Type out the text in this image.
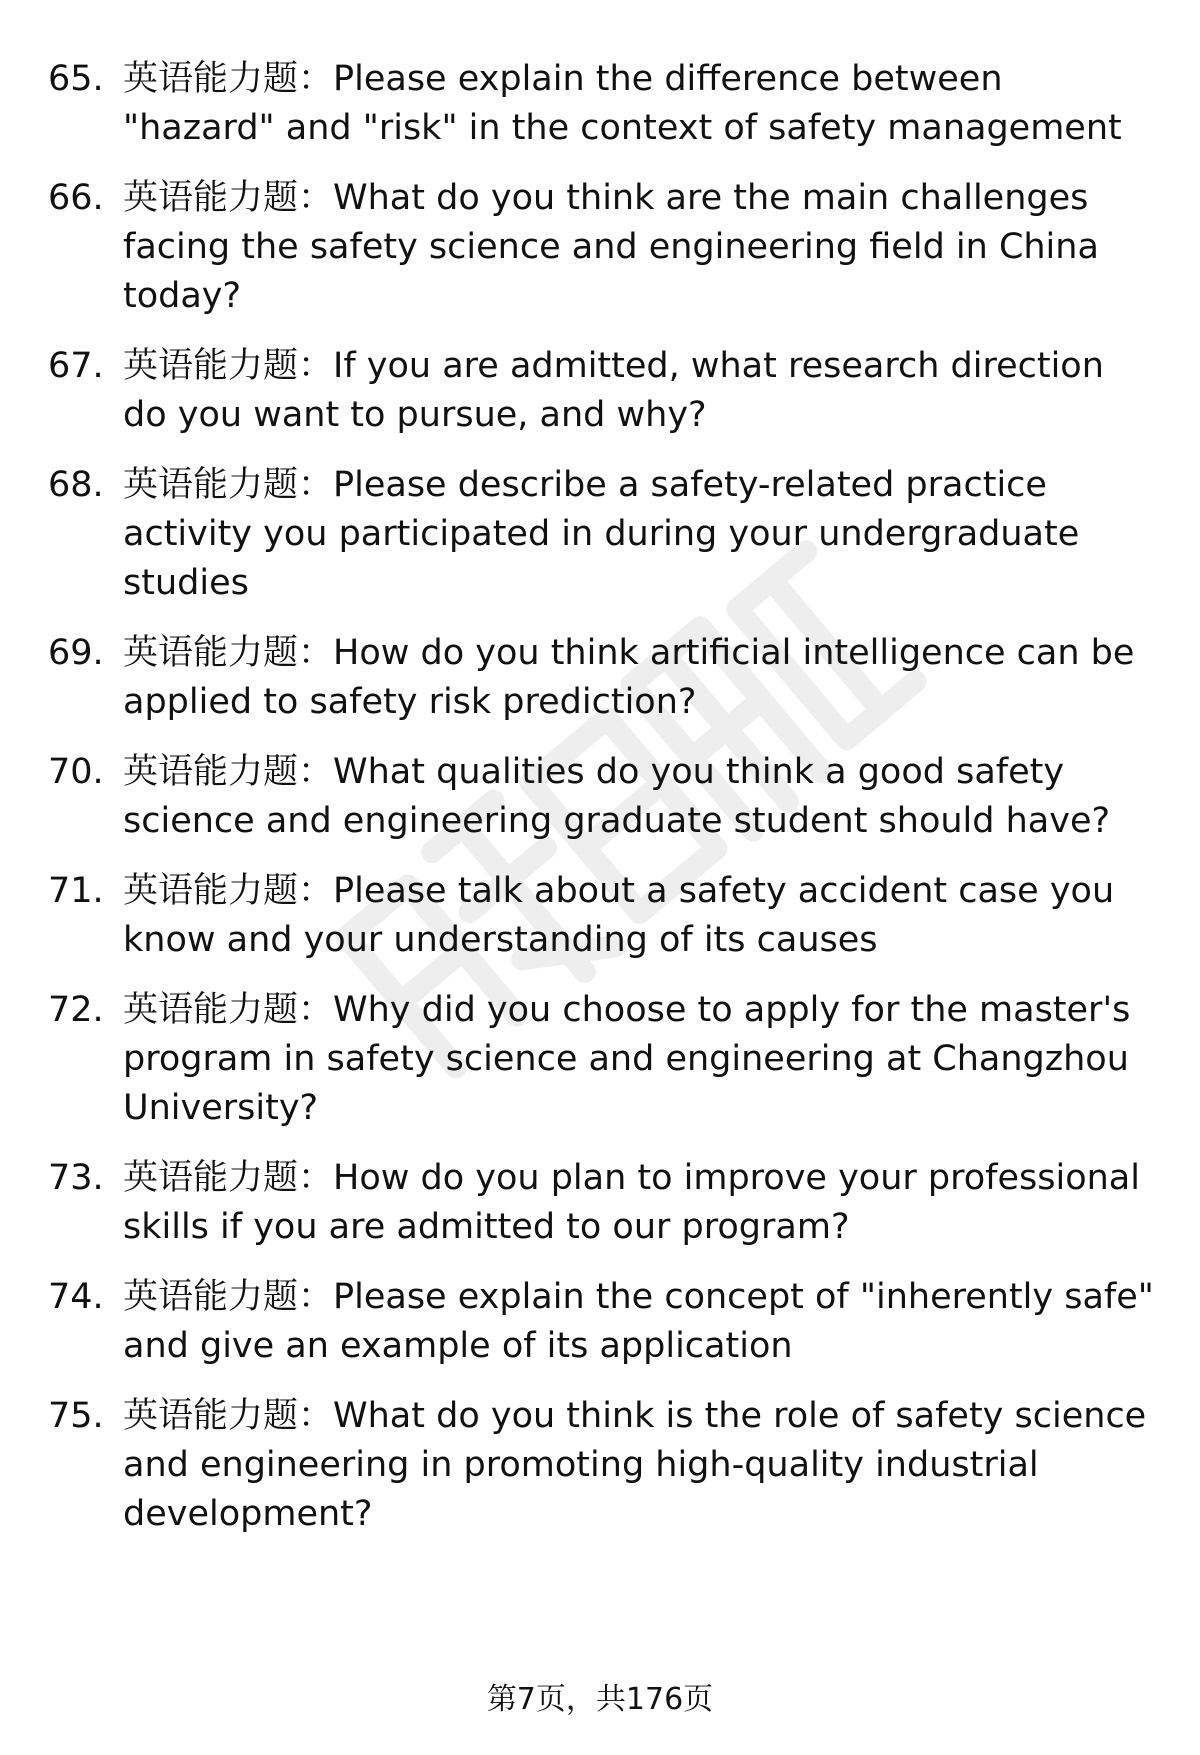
65. 英语能力题：Please explain the difference between "hazard" and "risk" in the context of safety management
66. 英语能力题：What do you think are the main challenges facing the safety science and engineering field in China today?
67. 英语能力题：If you are admitted, what research direction do you want to pursue, and why?
68. 英语能力题：Please describe a safety-related practice activity you participated in during your undergraduate studies
69. 英语能力题：How do you think artificial intelligence can be applied to safety risk prediction?
70. 英语能力题：What qualities do you think a good safety science and engineering graduate student should have?
71. 英语能力题：Please talk about a safety accident case you know and your understanding of its causes
72. 英语能力题：Why did you choose to apply for the master's program in safety science and engineering at Changzhou University?
73. 英语能力题：How do you plan to improve your professional skills if you are admitted to our program?
74. 英语能力题：Please explain the concept of "inherently safe" and give an example of its application
75. 英语能力题：What do you think is the role of safety science and engineering in promoting high-quality industrial development?
第7页，共176页
